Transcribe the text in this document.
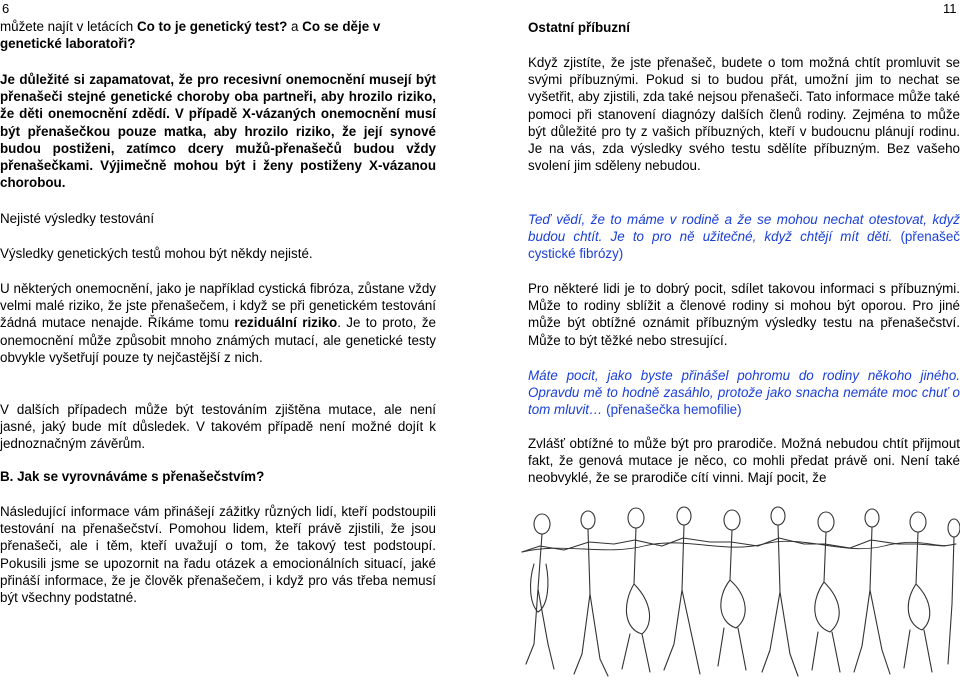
6
můžete najít v letácích Co to je genetický test? a Co se děje v genetické laboratoři?
Je důležité si zapamatovat, že pro recesivní onemocnění musejí být přenašeči stejné genetické choroby oba partneři, aby hrozilo riziko, že děti onemocnění zdědí. V případě X-vázaných onemocnění musí být přenašečkou pouze matka, aby hrozilo riziko, že její synové budou postiženi, zatímco dcery mužů-přenašečů budou vždy přenašečkami. Výjimečně mohou být i ženy postiženy X-vázanou chorobou.
Nejisté výsledky testování
Výsledky genetických testů mohou být někdy nejisté.
U některých onemocnění, jako je například cystická fibróza, zůstane vždy velmi malé riziko, že jste přenašečem, i když se při genetickém testování žádná mutace nenajde. Říkáme tomu reziduální riziko. Je to proto, že onemocnění může způsobit mnoho známých mutací, ale genetické testy obvykle vyšetřují pouze ty nejčastější z nich.
V dalších případech může být testováním zjištěna mutace, ale není jasné, jaký bude mít důsledek. V takovém případě není možné dojít k jednoznačným závěrům.
B. Jak se vyrovnáváme s přenašečstvím?
Následující informace vám přinášejí zážitky různých lidí, kteří podstoupili testování na přenašečství. Pomohou lidem, kteří právě zjistili, že jsou přenašeči, ale i těm, kteří uvažují o tom, že takový test podstoupí. Pokusili jsme se upozornit na řadu otázek a emocionálních situací, jaké přináší informace, že je člověk přenašečem, i když pro vás třeba nemusí být všechny podstatné.
11
Ostatní příbuzní
Když zjistíte, že jste přenašeč, budete o tom možná chtít promluvit se svými příbuznými. Pokud si to budou přát, umožní jim to nechat se vyšetřit, aby zjistili, zda také nejsou přenašeči. Tato informace může také pomoci při stanovení diagnózy dalších členů rodiny. Zejména to může být důležité pro ty z vašich příbuzných, kteří v budoucnu plánují rodinu. Je na vás, zda výsledky svého testu sdělíte příbuzným. Bez vašeho svolení jim sděleny nebudou.
Teď vědí, že to máme v rodině a že se mohou nechat otestovat, když budou chtít. Je to pro ně užitečné, když chtějí mít děti. (přenašeč cystické fibrózy)
Pro některé lidi je to dobrý pocit, sdílet takovou informaci s příbuznými. Může to rodiny sblížit a členové rodiny si mohou být oporou. Pro jiné může být obtížné oznámit příbuzným výsledky testu na přenašečství. Může to být těžké nebo stresující.
Máte pocit, jako byste přinášel pohromu do rodiny někoho jiného. Opravdu mě to hodně zasáhlo, protože jako snacha nemáte moc chuť o tom mluvit… (přenašečka hemofilie)
Zvlášť obtížné to může být pro prarodiče. Možná nebudou chtít přijmout fakt, že genová mutace je něco, co mohli předat právě oni. Není také neobvyklé, že se prarodiče cítí vinni. Mají pocit, že
